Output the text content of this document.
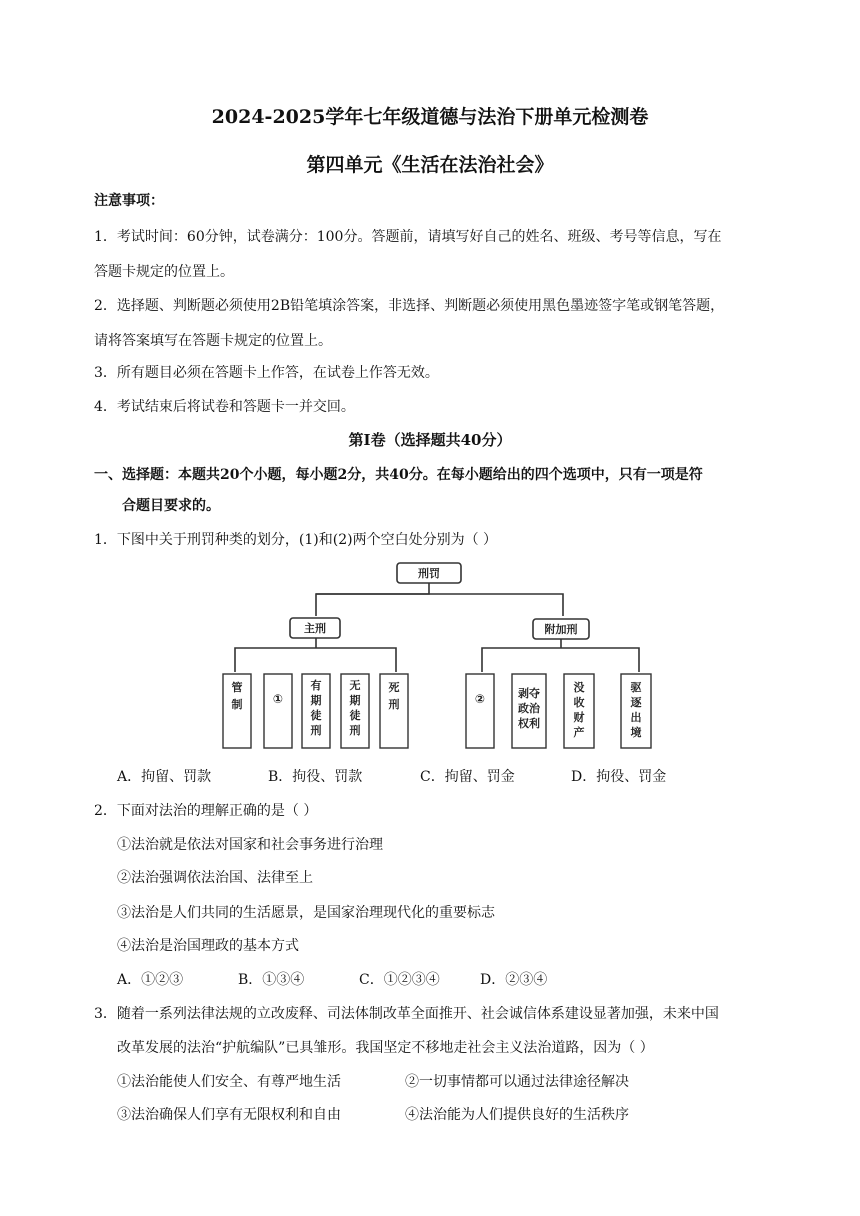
2024-2025学年七年级道德与法治下册单元检测卷
第四单元《生活在法治社会》
注意事项：
1．考试时间：60分钟，试卷满分：100分。答题前，请填写好自己的姓名、班级、考号等信息，写在
答题卡规定的位置上。
2．选择题、判断题必须使用2B铅笔填涂答案，非选择、判断题必须使用黑色墨迹签字笔或钢笔答题，
请将答案填写在答题卡规定的位置上。
3．所有题目必须在答题卡上作答，在试卷上作答无效。
4．考试结束后将试卷和答题卡一并交回。
第Ⅰ卷（选择题共40分）
一、选择题：本题共20个小题，每小题2分，共40分。在每小题给出的四个选项中，只有一项是符
合题目要求的。
1．下图中关于刑罚种类的划分，(1)和(2)两个空白处分别为（ ）
刑罚
主刑	附加刑
管
制	①
有
期
徒
刑
无
期
徒
刑
死
刑	②	剥夺
政治
权利
没
收
财
产
驱
逐
出
境
A．拘留、罚款	B．拘役、罚款	C．拘留、罚金	D．拘役、罚金
2．下面对法治的理解正确的是（ ）
①法治就是依法对国家和社会事务进行治理
②法治强调依法治国、法律至上
③法治是人们共同的生活愿景，是国家治理现代化的重要标志
④法治是治国理政的基本方式
A．①②③	B．①③④	C．①②③④	D．②③④
3．随着一系列法律法规的立改废释、司法体制改革全面推开、社会诚信体系建设显著加强，未来中国
改革发展的法治“护航编队”已具雏形。我国坚定不移地走社会主义法治道路，因为（ ）
①法治能使人们安全、有尊严地生活	②一切事情都可以通过法律途径解决
③法治确保人们享有无限权利和自由	④法治能为人们提供良好的生活秩序
